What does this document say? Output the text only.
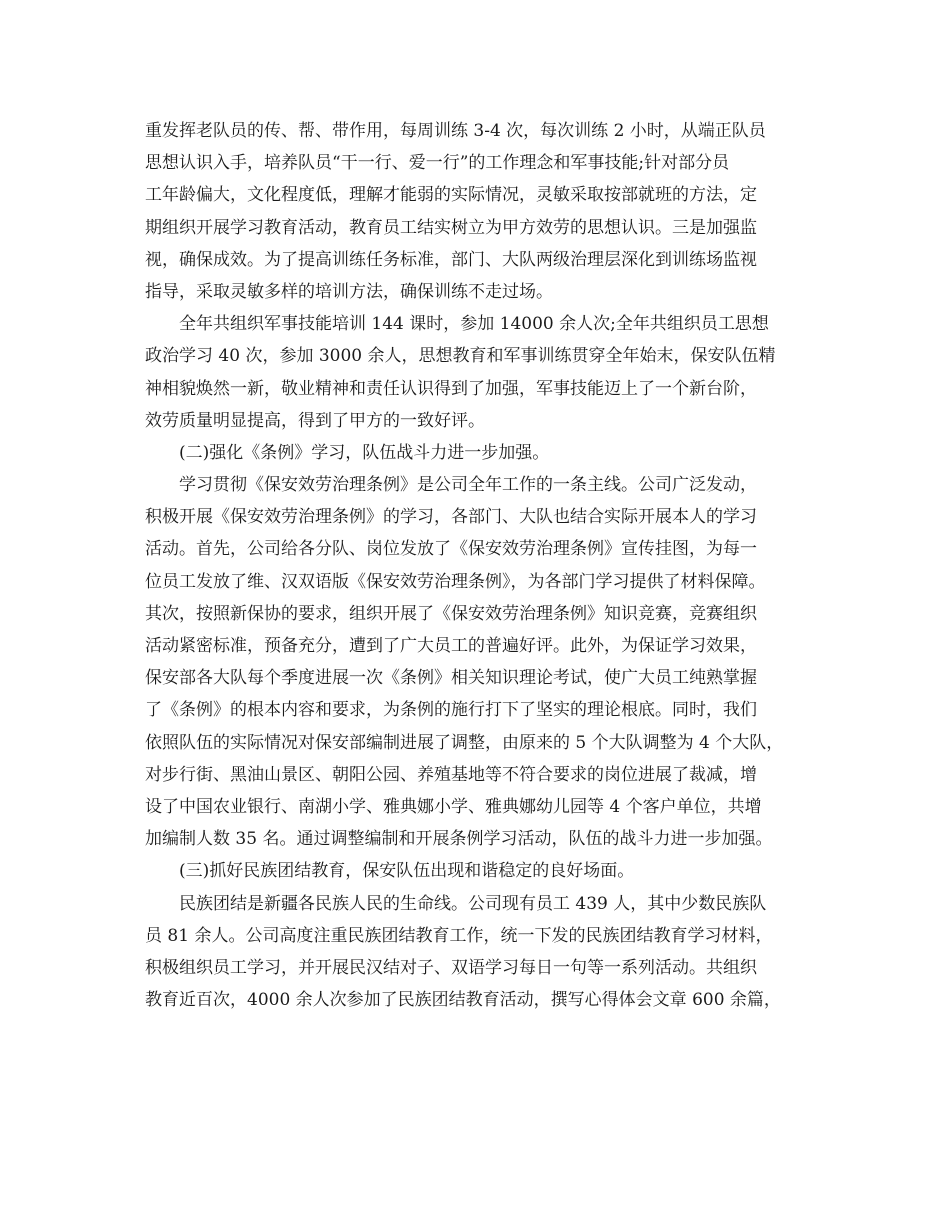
重发挥老队员的传、帮、带作用，每周训练 3-4 次，每次训练 2 小时，从端正队员
思想认识入手，培养队员“干一行、爱一行”的工作理念和军事技能;针对部分员
工年龄偏大，文化程度低，理解才能弱的实际情况，灵敏采取按部就班的方法，定
期组织开展学习教育活动，教育员工结实树立为甲方效劳的思想认识。三是加强监
视，确保成效。为了提高训练任务标准，部门、大队两级治理层深化到训练场监视
指导，采取灵敏多样的培训方法，确保训练不走过场。
全年共组织军事技能培训 144 课时，参加 14000 余人次;全年共组织员工思想
政治学习 40 次，参加 3000 余人，思想教育和军事训练贯穿全年始末，保安队伍精
神相貌焕然一新，敬业精神和责任认识得到了加强，军事技能迈上了一个新台阶，
效劳质量明显提高，得到了甲方的一致好评。
(二)强化《条例》学习，队伍战斗力进一步加强。
学习贯彻《保安效劳治理条例》是公司全年工作的一条主线。公司广泛发动，
积极开展《保安效劳治理条例》的学习，各部门、大队也结合实际开展本人的学习
活动。首先，公司给各分队、岗位发放了《保安效劳治理条例》宣传挂图，为每一
位员工发放了维、汉双语版《保安效劳治理条例》，为各部门学习提供了材料保障。
其次，按照新保协的要求，组织开展了《保安效劳治理条例》知识竞赛，竞赛组织
活动紧密标准，预备充分，遭到了广大员工的普遍好评。此外，为保证学习效果，
保安部各大队每个季度进展一次《条例》相关知识理论考试，使广大员工纯熟掌握
了《条例》的根本内容和要求，为条例的施行打下了坚实的理论根底。同时，我们
依照队伍的实际情况对保安部编制进展了调整，由原来的 5 个大队调整为 4 个大队，
对步行街、黑油山景区、朝阳公园、养殖基地等不符合要求的岗位进展了裁减，增
设了中国农业银行、南湖小学、雅典娜小学、雅典娜幼儿园等 4 个客户单位，共增
加编制人数 35 名。通过调整编制和开展条例学习活动，队伍的战斗力进一步加强。
(三)抓好民族团结教育，保安队伍出现和谐稳定的良好场面。
民族团结是新疆各民族人民的生命线。公司现有员工 439 人，其中少数民族队
员 81 余人。公司高度注重民族团结教育工作，统一下发的民族团结教育学习材料，
积极组织员工学习，并开展民汉结对子、双语学习每日一句等一系列活动。共组织
教育近百次，4000 余人次参加了民族团结教育活动，撰写心得体会文章 600 余篇，
